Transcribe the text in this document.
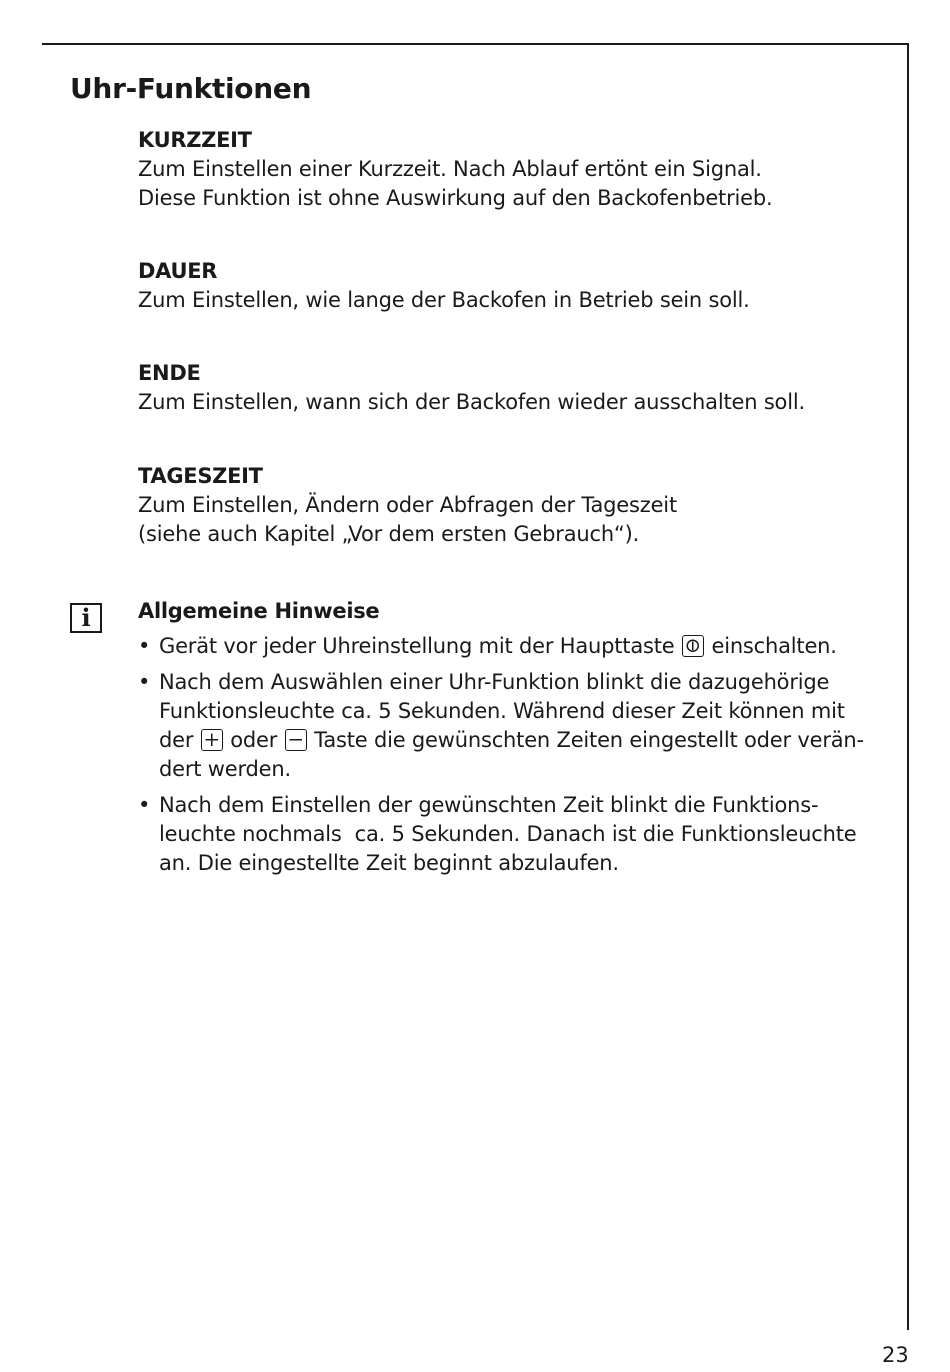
Uhr-Funktionen
KURZZEIT

Zum Einstellen einer Kurzzeit. Nach Ablauf ertönt ein Signal.

Diese Funktion ist ohne Auswirkung auf den Backofenbetrieb.

DAUER

Zum Einstellen, wie lange der Backofen in Betrieb sein soll.

ENDE

Zum Einstellen, wann sich der Backofen wieder ausschalten soll.

TAGESZEIT

Zum Einstellen, Ändern oder Abfragen der Tageszeit

(siehe auch Kapitel „Vor dem ersten Gebrauch“).

i Allgemeine Hinweise
• Gerät vor jeder Uhreinstellung mit der Haupttaste einschalten.
• Nach dem Auswählen einer Uhr-Funktion blinkt die dazugehörige
Funktionsleuchte ca. 5 Sekunden. Während dieser Zeit können mit
der oder Taste die gewünschten Zeiten eingestellt oder verän-
dert werden.
• Nach dem Einstellen der gewünschten Zeit blinkt die Funktions-
leuchte nochmals  ca. 5 Sekunden. Danach ist die Funktionsleuchte
an. Die eingestellte Zeit beginnt abzulaufen.
23
